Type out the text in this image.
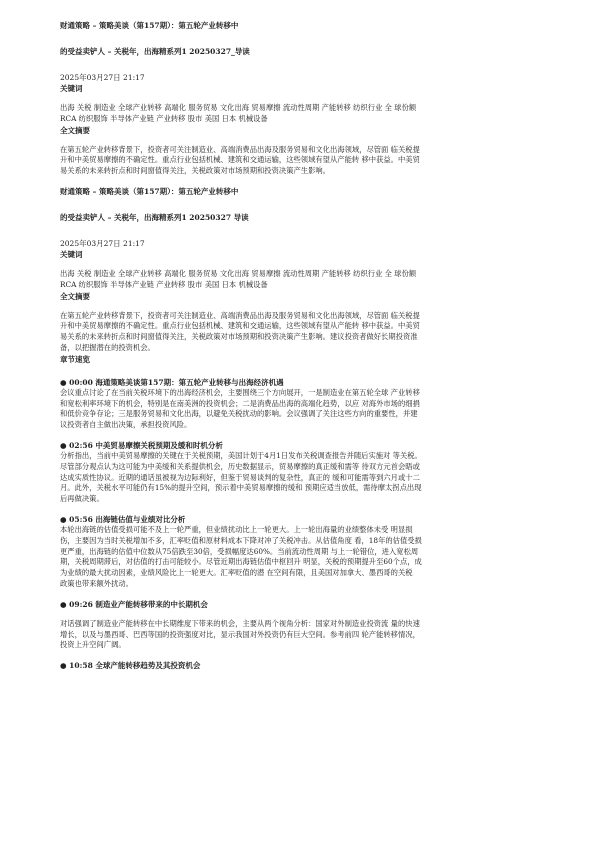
财通策略 – 策略美谈（第157期）：第五轮产业转移中

的受益卖铲人 – 关税年，出海精系列1 20250327_导读

2025年03月27日 21:17

关键词

出海 关税 制造业 全球产业转移 高端化 服务贸易 文化出海 贸易摩擦 流动性周期 产能转移 纺织行业 全 球份额

RCA 纺织服饰 半导体产业链 产业转移 股市 美国 日本 机械设备

全文摘要

在第五轮产业转移背景下，投资者可关注制造业、高端消费品出海及服务贸易和文化出海领域，尽管面 临关税提

升和中美贸易摩擦的不确定性。重点行业包括机械、建筑和交通运输，这些领域有望从产能转 移中获益。中美贸

易关系的未来转折点和时间窗值得关注，关税政策对市场预期和投资决策产生影响。

财通策略 – 策略美谈（第157期）：第五轮产业转移中

的受益卖铲人 – 关税年，出海精系列1 20250327 导读

2025年03月27日 21:17

关键词

出海 关税 制造业 全球产业转移 高端化 服务贸易 文化出海 贸易摩擦 流动性周期 产能转移 纺织行业 全 球份额

RCA 纺织服饰 半导体产业链 产业转移 股市 美国 日本 机械设备

全文摘要

在第五轮产业转移背景下，投资者可关注制造业、高端消费品出海及服务贸易和文化出海领域，尽管面 临关税提

升和中美贸易摩擦的不确定性。重点行业包括机械、建筑和交通运输，这些领域有望从产能转 移中获益。中美贸

易关系的未来转折点和时间窗值得关注，关税政策对市场预期和投资决策产生影响。建议投资者做好长期投资准

备，以把握潜在的投资机会。

章节速览

● 00:00 海通策略美谈第157期：第五轮产业转移与出海经济机遇

会议重点讨论了在当前关税环境下的出海经济机会，主要围绕三个方向展开，一是制造业在第五轮全球 产业转移

和宽松利率环境下的机会，特别是在南美洲的投资机会；二是消费品出海的高端化趋势，以应 对海外市场的细捐

和低价竞争存论；三是服务贸易和文化出海，以避免关税扰动的影响。会议强调了关注这些方向的重要性，并建

议投资者自主做出决策，承担投资风险。

● 02:56 中美贸易摩擦关税预期及缓和时机分析

分析指出，当前中美贸易摩擦的关键在于关税预期，美国计划于4月1日发布关税调查报告并随后实施对 等关税。

尽管部分观点认为这可能为中美缓和关系提供机会，历史数据显示，贸易摩擦的真正缓和需等 待双方元首会晤或

达成实质性协议。近期的通话虽被视为边际利好，但鉴于贸易谈判的复杂性，真正的 缓和可能需等到六月或十二

月。此外，关税水平可能仍有15%的提升空间，预示着中美贸易摩擦的缓和 预期应适当放低，需待摩太拐点出现

后再做决策。

● 05:56 出海链估值与业绩对比分析

本轮出海链的估值受损可能不及上一轮严重，但业绩扰动比上一轮更大。上一轮出海量的业绩整体未受 明显损

伤，主要因为当时关税增加不多，汇率贬值和原材料成本下降对冲了关税冲击。从估值角度 看，18年的估值受损

更严重，出海链的估值中位数从75倍跌至30倍，受损幅度达60%。当前流动性周期 与上一轮错位，进入宽松周

期，关税周期滞后，对估值的打击可能较小。尽管近期出海链估值中枢回升 明显，关税的预期提升至60个点，成

为业绩的最大扰动因素，业绩风险比上一轮更大。汇率贬值的潜 在空间有限，且美国对加拿大、墨西哥的关税

政策也带来额外扰动。

● 09:26 制造业产能转移带来的中长期机会

对话强调了制造业产能转移在中长期维度下带来的机会，主要从两个视角分析：国家对外制造业投资流 量的快速

增长，以及与墨西哥、巴西等国的投资强度对比，显示我国对外投资仍有巨大空间。参考前四 轮产能转移情况，

投资上升空间广阔。

● 10:58 全球产能转移趋势及其投资机会
